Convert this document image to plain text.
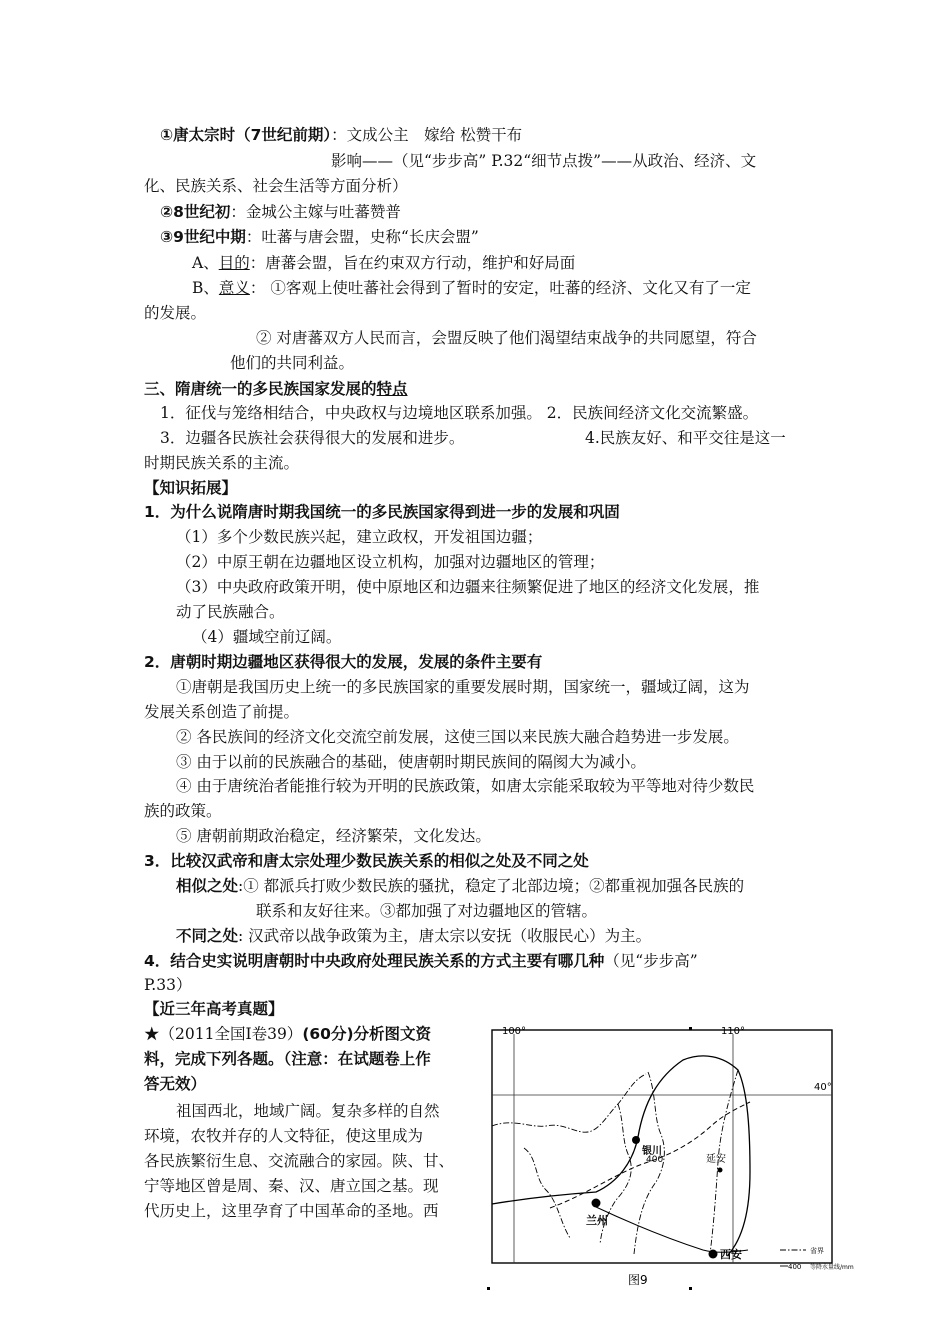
①唐太宗时（7世纪前期）：文成公主　嫁给 松赞干布
影响——（见“步步高” P.32“细节点拨”——从政治、经济、文
化、民族关系、社会生活等方面分析）
②8世纪初：金城公主嫁与吐蕃赞普
③9世纪中期：吐蕃与唐会盟，史称“长庆会盟”
A、目的：唐蕃会盟，旨在约束双方行动，维护和好局面
B、意义： ①客观上使吐蕃社会得到了暂时的安定，吐蕃的经济、文化又有了一定
的发展。
② 对唐蕃双方人民而言，会盟反映了他们渴望结束战争的共同愿望，符合
他们的共同利益。
三、隋唐统一的多民族国家发展的特点
1．征伐与笼络相结合，中央政权与边境地区联系加强。 2．民族间经济文化交流繁盛。
3．边疆各民族社会获得很大的发展和进步。	4.民族友好、和平交往是这一
时期民族关系的主流。
【知识拓展】
1．为什么说隋唐时期我国统一的多民族国家得到进一步的发展和巩固
（1）多个少数民族兴起，建立政权，开发祖国边疆；
（2）中原王朝在边疆地区设立机构，加强对边疆地区的管理；
（3）中央政府政策开明，使中原地区和边疆来往频繁促进了地区的经济文化发展，推
动了民族融合。
（4）疆域空前辽阔。
2．唐朝时期边疆地区获得很大的发展，发展的条件主要有
①唐朝是我国历史上统一的多民族国家的重要发展时期，国家统一，疆域辽阔，这为
发展关系创造了前提。
② 各民族间的经济文化交流空前发展，这使三国以来民族大融合趋势进一步发展。
③ 由于以前的民族融合的基础，使唐朝时期民族间的隔阂大为减小。
④ 由于唐统治者能推行较为开明的民族政策，如唐太宗能采取较为平等地对待少数民
族的政策。
⑤ 唐朝前期政治稳定，经济繁荣，文化发达。
3．比较汉武帝和唐太宗处理少数民族关系的相似之处及不同之处
相似之处:① 都派兵打败少数民族的骚扰，稳定了北部边境；②都重视加强各民族的
联系和友好往来。③都加强了对边疆地区的管辖。
不同之处: 汉武帝以战争政策为主，唐太宗以安抚（收服民心）为主。
4．结合史实说明唐朝时中央政府处理民族关系的方式主要有哪几种（见“步步高”
P.33）
【近三年高考真题】
★（2011全国Ⅰ卷39）(60分)分析图文资
料，完成下列各题。（注意：在试题卷上作
答无效）
祖国西北，地域广阔。复杂多样的自然
环境，农牧并存的人文特征，使这里成为
各民族繁衍生息、交流融合的家园。陕、甘、
宁等地区曾是周、秦、汉、唐立国之基。现
代历史上，这里孕育了中国革命的圣地。西
100°	110°
40°
400
银川
延安
兰州
西安	省界
400 等降水量线/mm
图9
